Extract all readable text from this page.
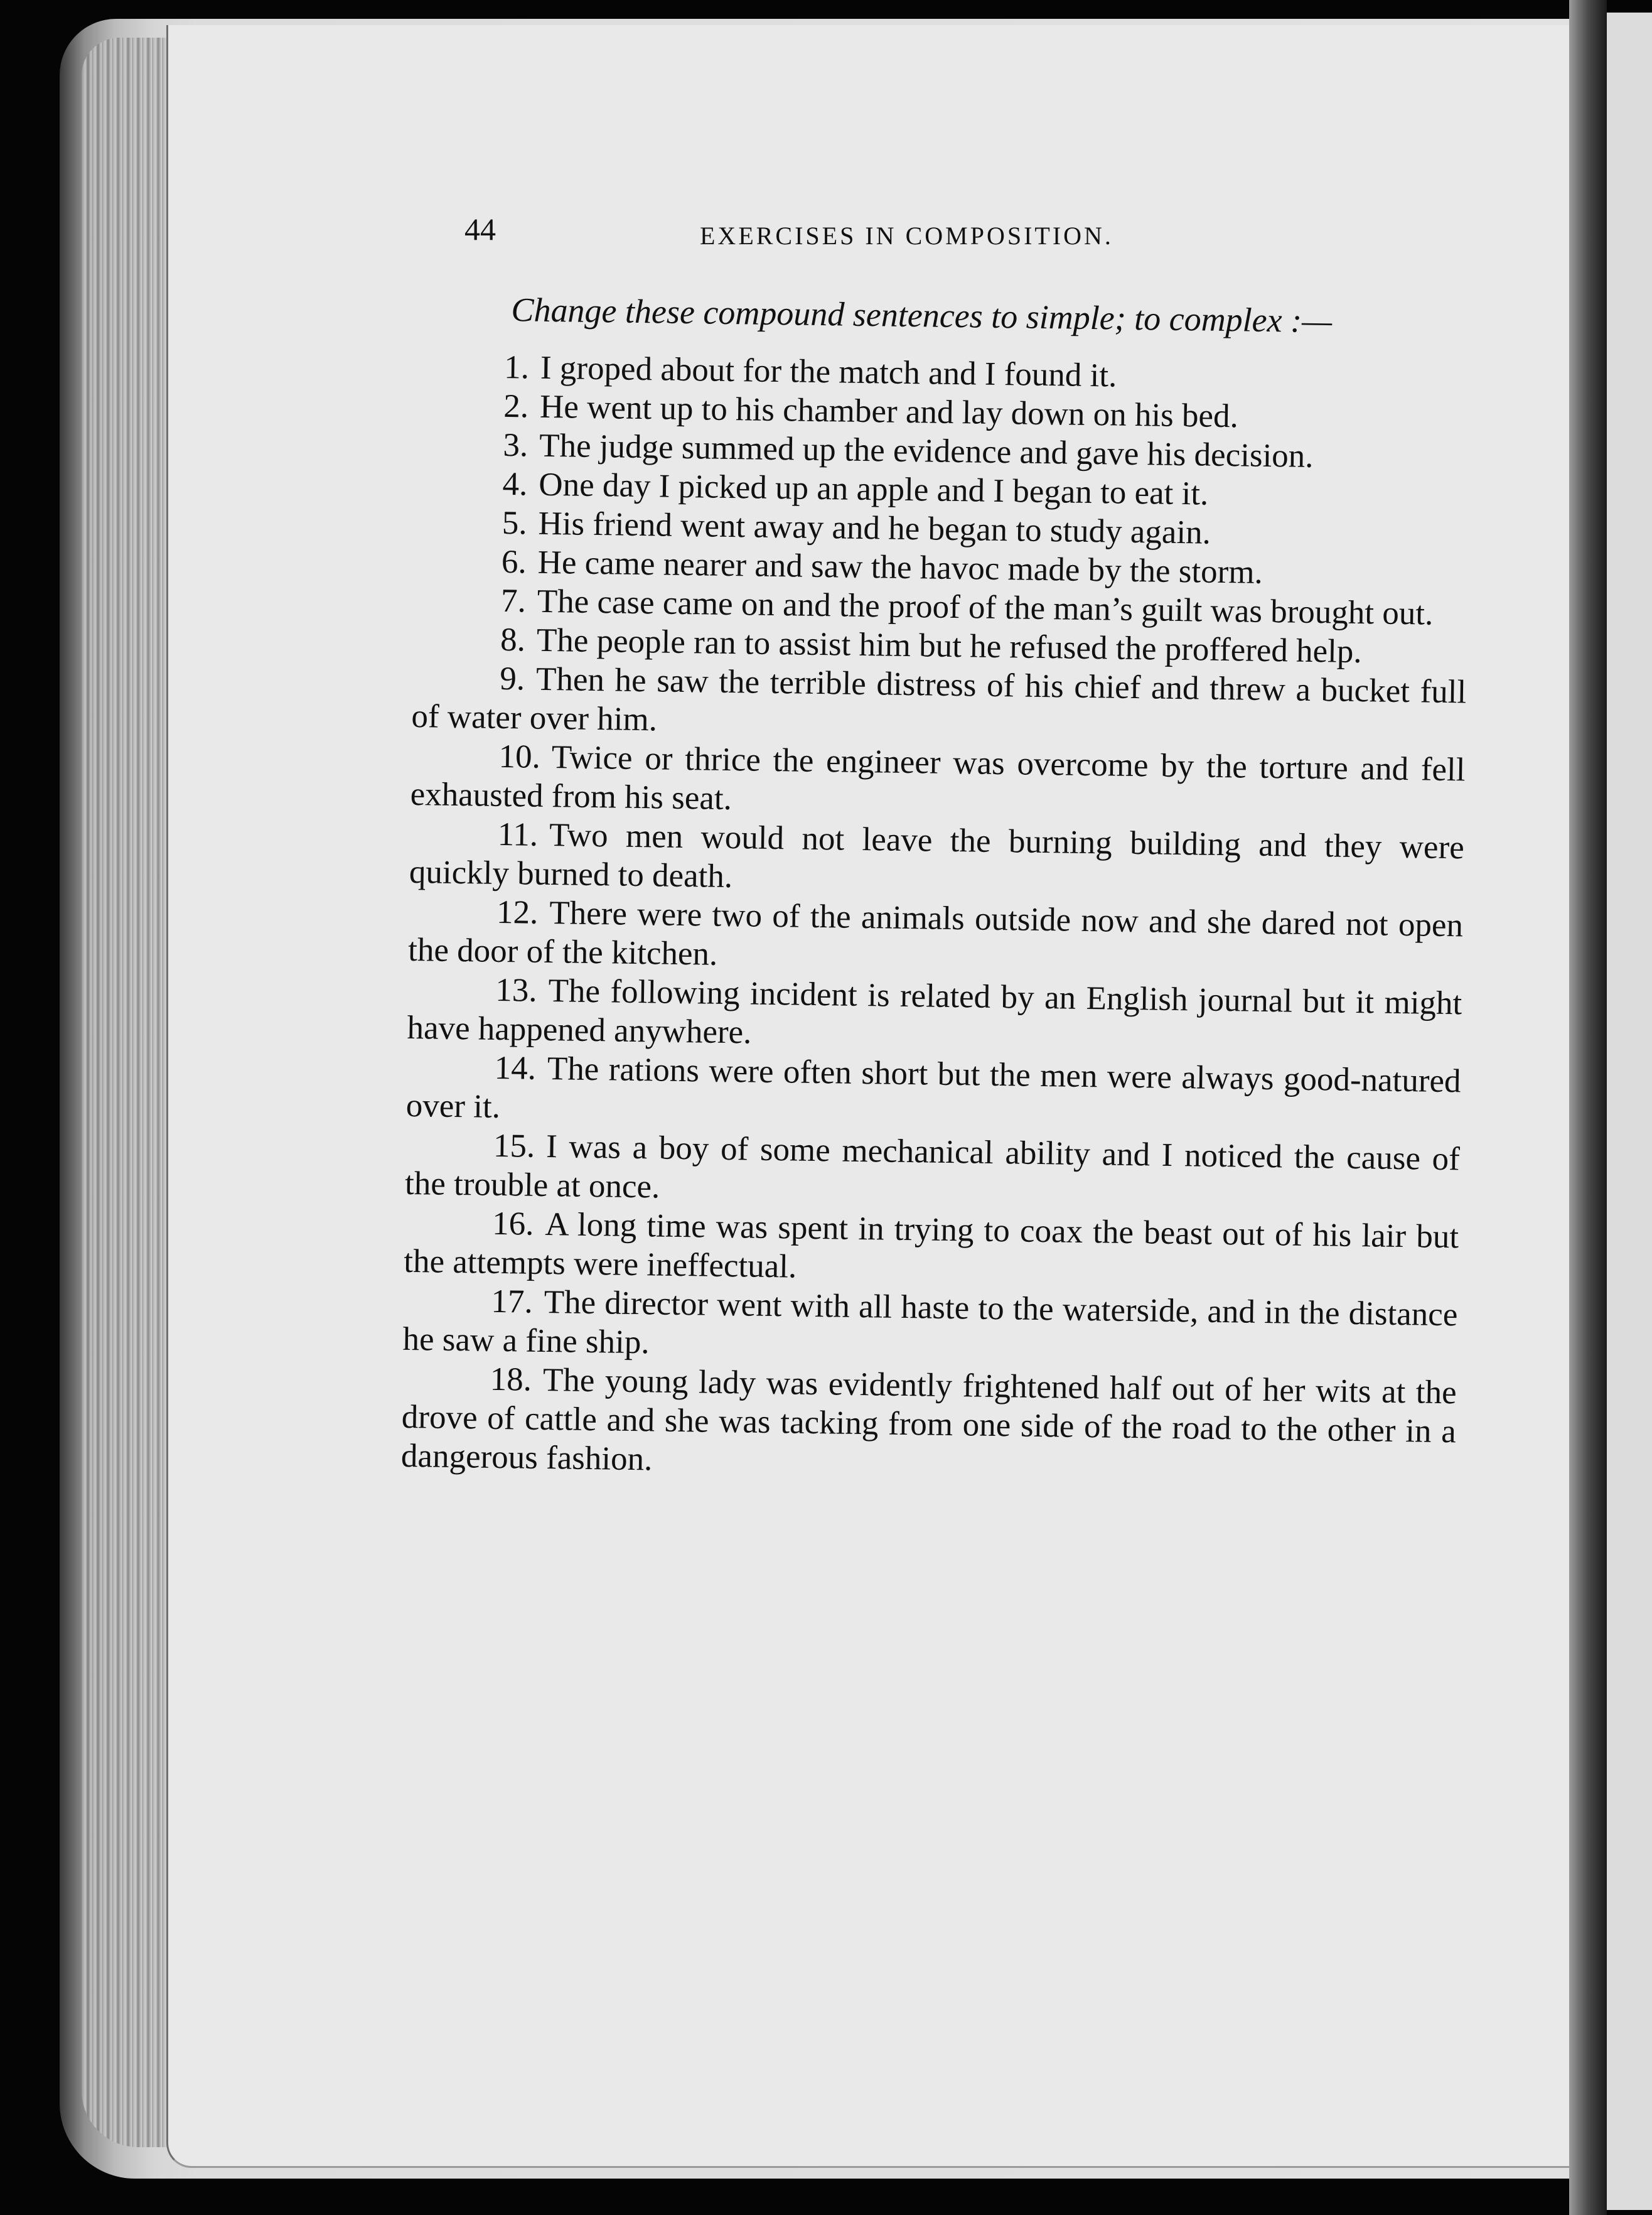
44	EXERCISES IN COMPOSITION.

Change these compound sentences to simple; to complex :—

1. I groped about for the match and I found it.
2. He went up to his chamber and lay down on his bed.
3. The judge summed up the evidence and gave his decision.
4. One day I picked up an apple and I began to eat it.
5. His friend went away and he began to study again.
6. He came nearer and saw the havoc made by the storm.
7. The case came on and the proof of the man’s guilt was brought out.
8. The people ran to assist him but he refused the proffered help.
9. Then he saw the terrible distress of his chief and threw a bucket full of water over him.
10. Twice or thrice the engineer was overcome by the torture and fell exhausted from his seat.
11. Two men would not leave the burning building and they were quickly burned to death.
12. There were two of the animals outside now and she dared not open the door of the kitchen.
13. The following incident is related by an English journal but it might have happened anywhere.
14. The rations were often short but the men were always good-natured over it.
15. I was a boy of some mechanical ability and I noticed the cause of the trouble at once.
16. A long time was spent in trying to coax the beast out of his lair but the attempts were ineffectual.
17. The director went with all haste to the waterside, and in the distance he saw a fine ship.
18. The young lady was evidently frightened half out of her wits at the drove of cattle and she was tacking from one side of the road to the other in a dangerous fashion.
